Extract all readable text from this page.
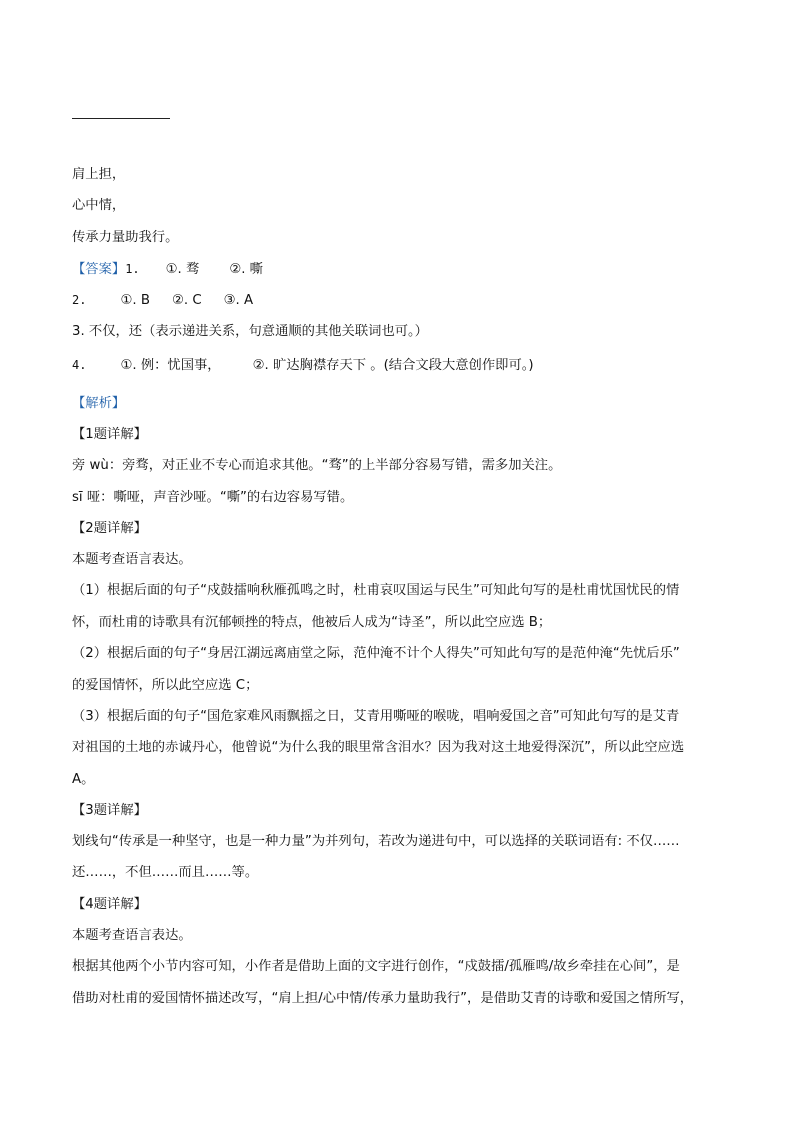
肩上担，
心中情，
传承力量助我行。
【答案】1. ①. 骛 ②. 嘶
2.	①. B ②. C ③. A
3. 不仅，还（表示递进关系，句意通顺的其他关联词也可。）
4.	①. 例：忧国事， ②. 旷达胸襟存天下 。(结合文段大意创作即可。)
【解析】
【1题详解】
旁 wù：旁骛，对正业不专心而追求其他。“骛”的上半部分容易写错，需多加关注。
sī 哑：嘶哑，声音沙哑。“嘶”的右边容易写错。
【2题详解】
本题考查语言表达。
（1）根据后面的句子“戍鼓擂响秋雁孤鸣之时，杜甫哀叹国运与民生”可知此句写的是杜甫忧国忧民的情
怀，而杜甫的诗歌具有沉郁顿挫的特点，他被后人成为“诗圣”，所以此空应选 B；
（2）根据后面的句子“身居江湖远离庙堂之际，范仲淹不计个人得失”可知此句写的是范仲淹“先忧后乐”
的爱国情怀，所以此空应选 C；
（3）根据后面的句子“国危家难风雨飘摇之日，艾青用嘶哑的喉咙，唱响爱国之音”可知此句写的是艾青
对祖国的土地的赤诚丹心，他曾说“为什么我的眼里常含泪水？因为我对这土地爱得深沉”，所以此空应选
A。
【3题详解】
划线句“传承是一种坚守，也是一种力量”为并列句，若改为递进句中，可以选择的关联词语有: 不仅……
还……，不但……而且……等。
【4题详解】
本题考查语言表达。
根据其他两个小节内容可知，小作者是借助上面的文字进行创作，“戍鼓擂/孤雁鸣/故乡牵挂在心间”，是
借助对杜甫的爱国情怀描述改写，“肩上担/心中情/传承力量助我行”，是借助艾青的诗歌和爱国之情所写，
